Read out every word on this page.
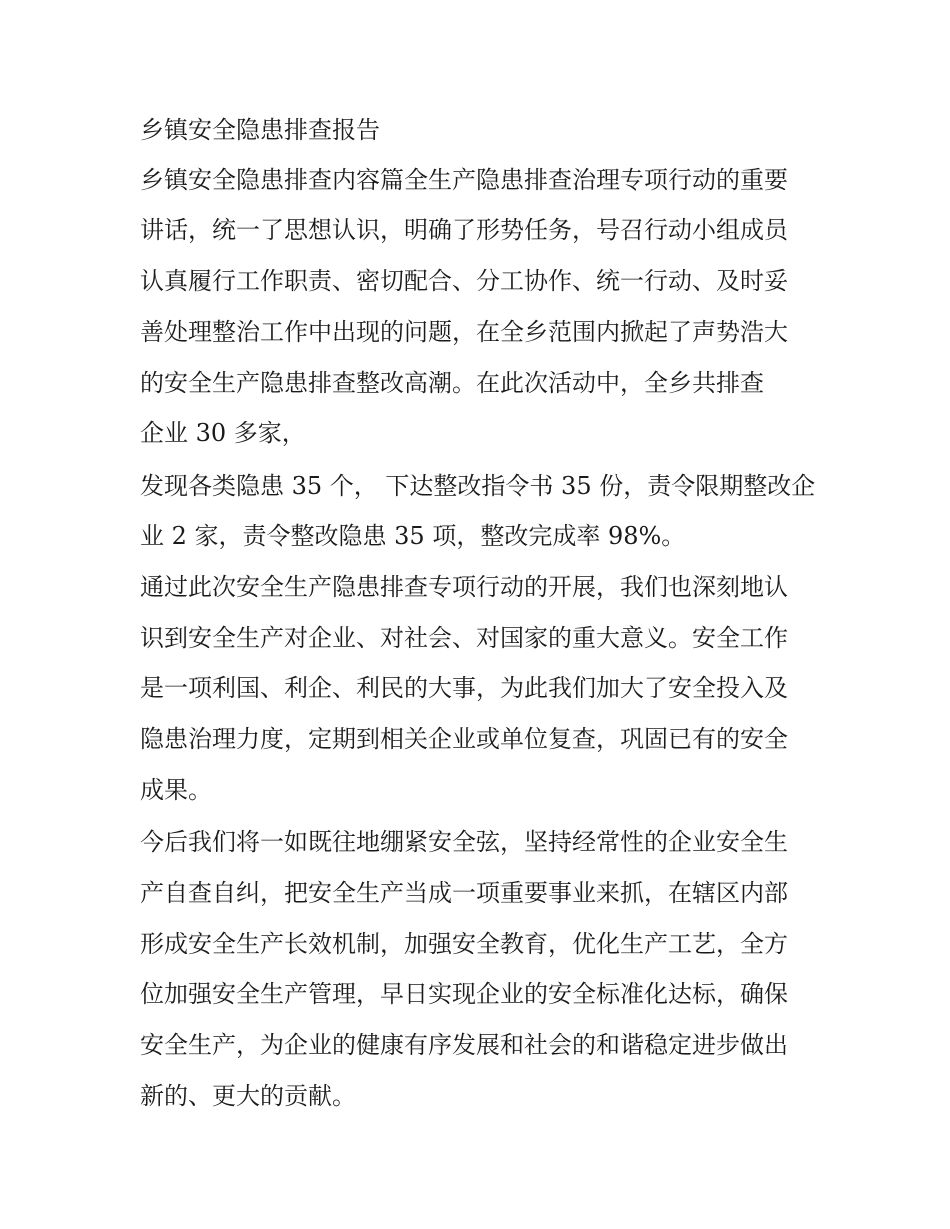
乡镇安全隐患排查报告

乡镇安全隐患排查内容篇全生产隐患排查治理专项行动的重要

讲话，统一了思想认识，明确了形势任务，号召行动小组成员

认真履行工作职责、密切配合、分工协作、统一行动、及时妥

善处理整治工作中出现的问题，在全乡范围内掀起了声势浩大

的安全生产隐患排查整改高潮。在此次活动中，全乡共排查

企业 30 多家，

发现各类隐患 35 个， 下达整改指令书 35 份，责令限期整改企

业 2 家，责令整改隐患 35 项，整改完成率 98%。

通过此次安全生产隐患排查专项行动的开展，我们也深刻地认

识到安全生产对企业、对社会、对国家的重大意义。安全工作

是一项利国、利企、利民的大事，为此我们加大了安全投入及

隐患治理力度，定期到相关企业或单位复查，巩固已有的安全

成果。

今后我们将一如既往地绷紧安全弦，坚持经常性的企业安全生

产自查自纠，把安全生产当成一项重要事业来抓，在辖区内部

形成安全生产长效机制，加强安全教育，优化生产工艺，全方

位加强安全生产管理，早日实现企业的安全标准化达标，确保

安全生产，为企业的健康有序发展和社会的和谐稳定进步做出

新的、更大的贡献。
